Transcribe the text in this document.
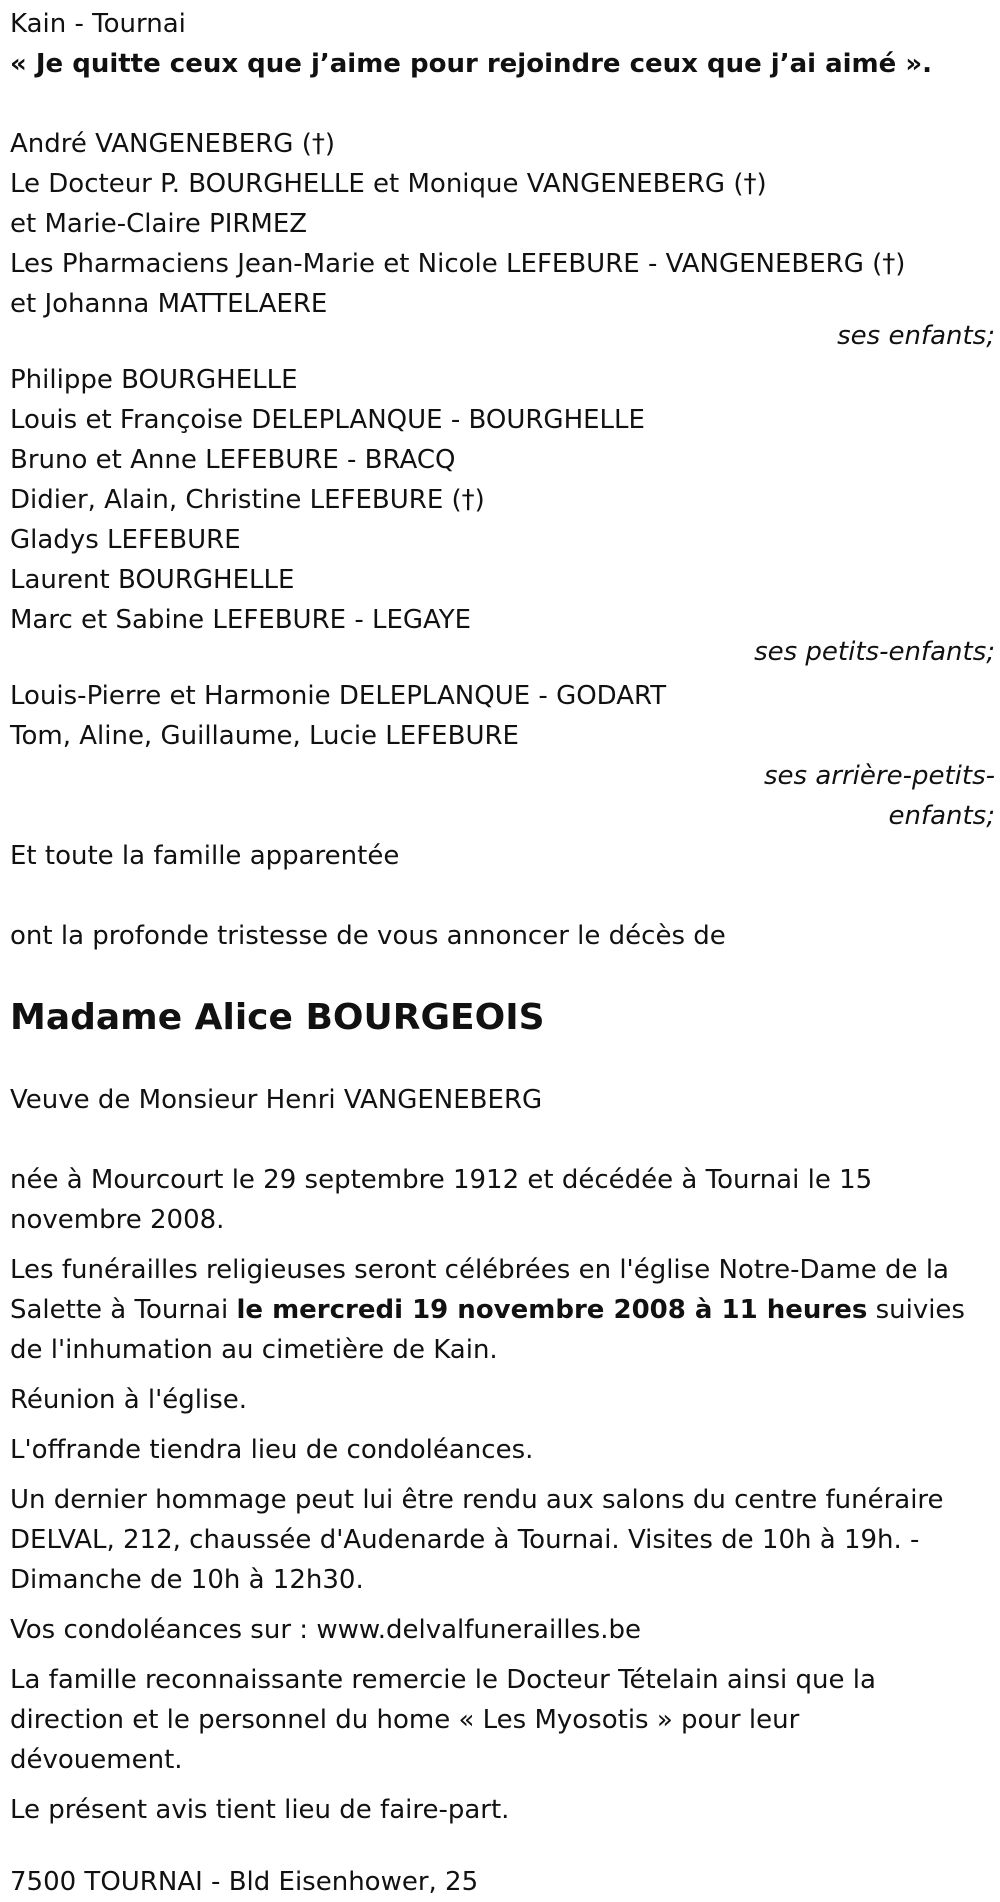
Kain - Tournai
« Je quitte ceux que j’aime pour rejoindre ceux que j’ai aimé ».
André VANGENEBERG (†)
Le Docteur P. BOURGHELLE et Monique VANGENEBERG (†)
et Marie-Claire PIRMEZ
Les Pharmaciens Jean-Marie et Nicole LEFEBURE - VANGENEBERG (†)
et Johanna MATTELAERE
ses enfants;
Philippe BOURGHELLE
Louis et Françoise DELEPLANQUE - BOURGHELLE
Bruno et Anne LEFEBURE - BRACQ
Didier, Alain, Christine LEFEBURE (†)
Gladys LEFEBURE
Laurent BOURGHELLE
Marc et Sabine LEFEBURE - LEGAYE
ses petits-enfants;
Louis-Pierre et Harmonie DELEPLANQUE - GODART
Tom, Aline, Guillaume, Lucie LEFEBURE
ses arrière-petits-
enfants;
Et toute la famille apparentée
ont la profonde tristesse de vous annoncer le décès de
Madame Alice BOURGEOIS
Veuve de Monsieur Henri VANGENEBERG
née à Mourcourt le 29 septembre 1912 et décédée à Tournai le 15 novembre 2008.
Les funérailles religieuses seront célébrées en l'église Notre-Dame de la Salette à Tournai le mercredi 19 novembre 2008 à 11 heures suivies de l'inhumation au cimetière de Kain.
Réunion à l'église.
L'offrande tiendra lieu de condoléances.
Un dernier hommage peut lui être rendu aux salons du centre funéraire DELVAL, 212, chaussée d'Audenarde à Tournai. Visites de 10h à 19h. - Dimanche de 10h à 12h30.
Vos condoléances sur : www.delvalfunerailles.be
La famille reconnaissante remercie le Docteur Tételain ainsi que la direction et le personnel du home « Les Myosotis » pour leur dévouement.
Le présent avis tient lieu de faire-part.
7500 TOURNAI - Bld Eisenhower, 25
